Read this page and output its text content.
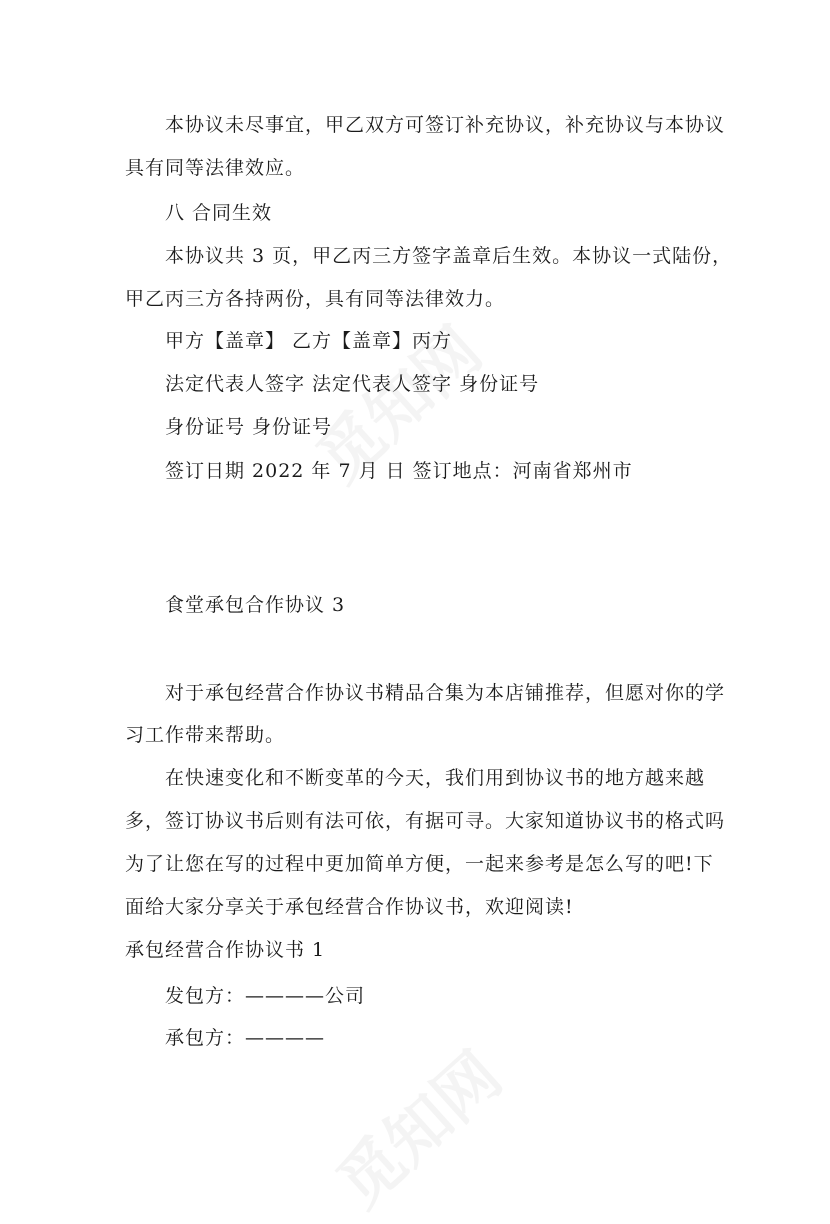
本协议未尽事宜，甲乙双方可签订补充协议，补充协议与本协议
具有同等法律效应。
八 合同生效
本协议共 3 页，甲乙丙三方签字盖章后生效。本协议一式陆份，
甲乙丙三方各持两份，具有同等法律效力。
甲方【盖章】 乙方【盖章】丙方
法定代表人签字 法定代表人签字 身份证号
身份证号 身份证号
签订日期 2022 年 7 月 日 签订地点：河南省郑州市
食堂承包合作协议 3
对于承包经营合作协议书精品合集为本店铺推荐，但愿对你的学
习工作带来帮助。
在快速变化和不断变革的今天，我们用到协议书的地方越来越
多，签订协议书后则有法可依，有据可寻。大家知道协议书的格式吗
为了让您在写的过程中更加简单方便，一起来参考是怎么写的吧!下
面给大家分享关于承包经营合作协议书，欢迎阅读!
承包经营合作协议书 1
发包方：————公司
承包方：————
